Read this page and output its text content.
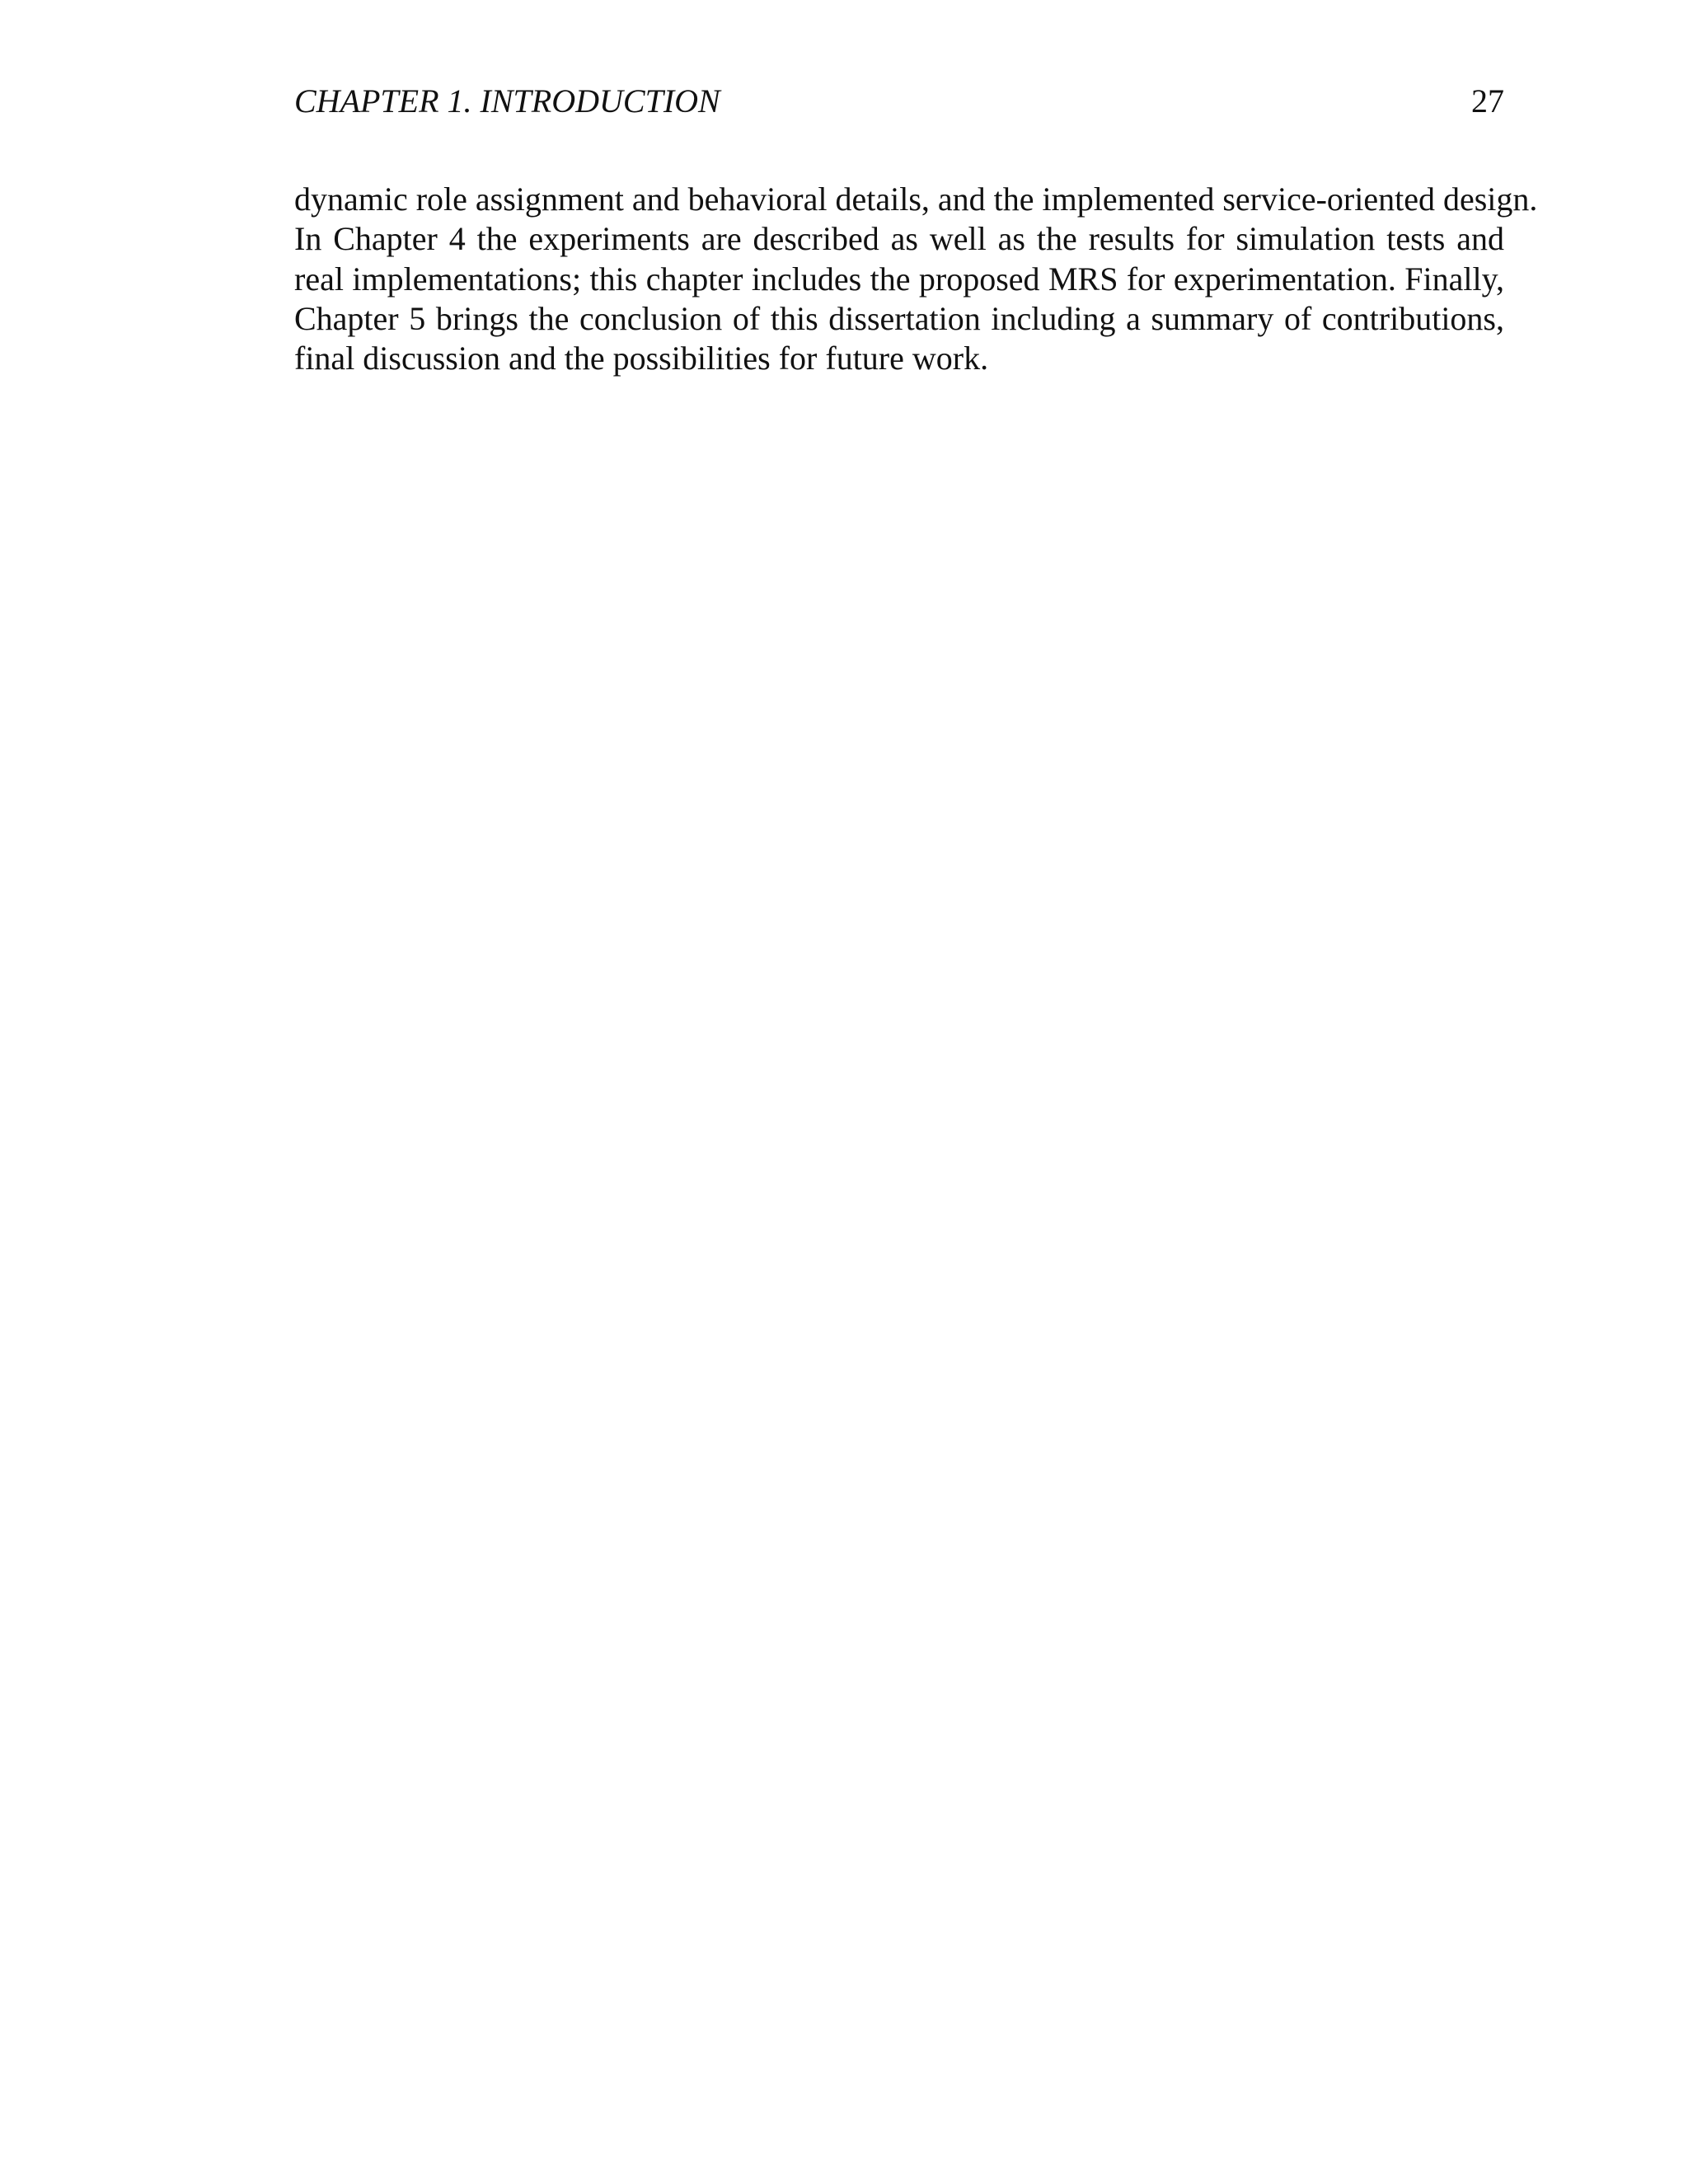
CHAPTER 1. INTRODUCTION	27

dynamic role assignment and behavioral details, and the implemented service-oriented design.
In Chapter 4 the experiments are described as well as the results for simulation tests and
real implementations; this chapter includes the proposed MRS for experimentation. Finally,
Chapter 5 brings the conclusion of this dissertation including a summary of contributions,
final discussion and the possibilities for future work.
